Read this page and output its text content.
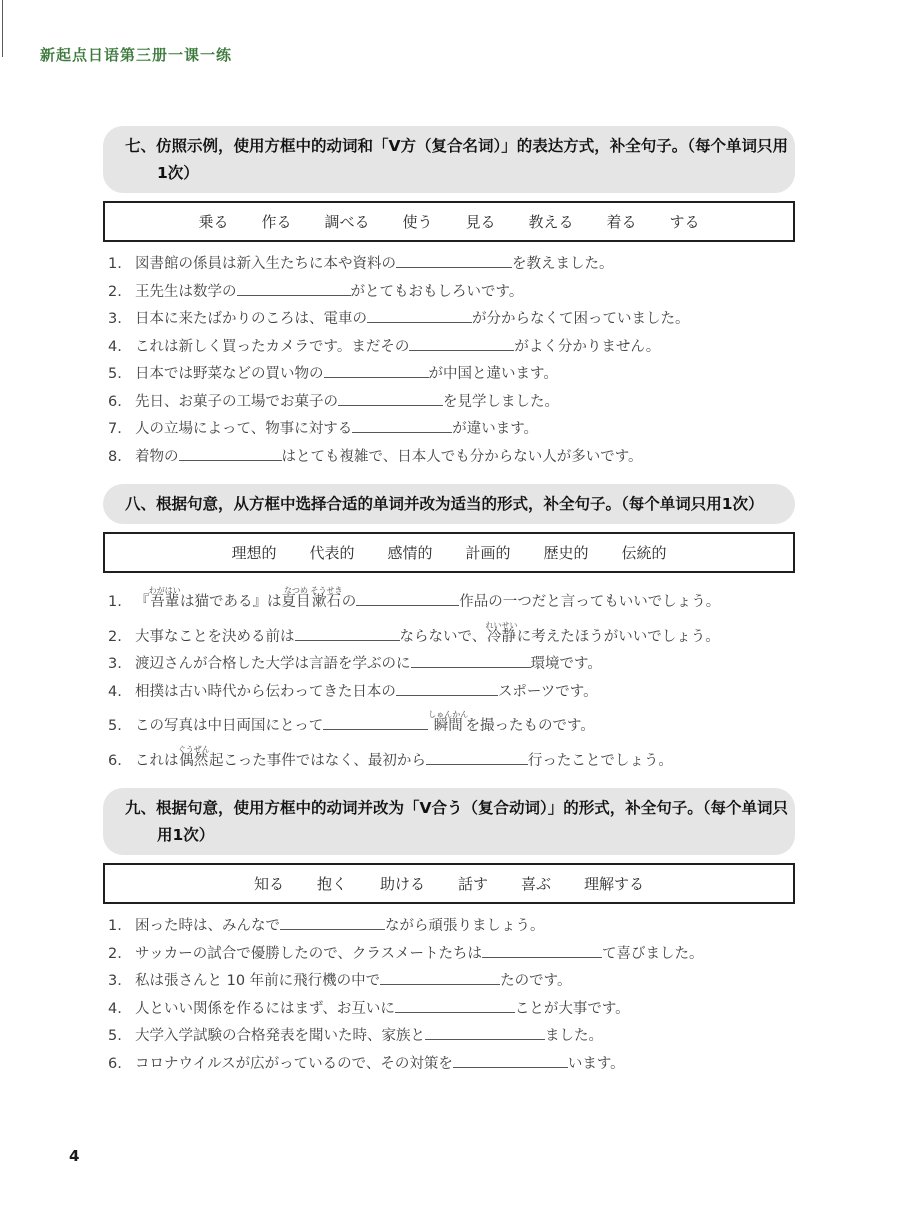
新起点日语第三册一课一练
七、仿照示例，使用方框中的动词和「V方（复合名词）」的表达方式，补全句子。（每个单词只用
1次）
乗る 作る 調べる 使う 見る 教える 着る する
1. 図書館の係員は新入生たちに本や資料の	を教えました。
2. 王先生は数学の	がとてもおもしろいです。
3. 日本に来たばかりのころは、電車の	が分からなくて困っていました。
4. これは新しく買ったカメラです。まだその	がよく分かりません。
5. 日本では野菜などの買い物の	が中国と違います。
6. 先日、お菓子の工場でお菓子の	を見学しました。
7. 人の立場によって、物事に対する	が違います。
8. 着物の	はとても複雑で、日本人でも分からない人が多いです。
八、根据句意，从方框中选择合适的单词并改为适当的形式，补全句子。（每个单词只用1次）
理想的 代表的 感情的 計画的 歴史的 伝統的
1. 『吾輩わがはいは猫である』は夏目なつめ漱石そうせきの	作品の一つだと言ってもいいでしょう。
2. 大事なことを決める前は	ならないで、冷静れいせいに考えたほうがいいでしょう。
3. 渡辺さんが合格した大学は言語を学ぶのに	環境です。
4. 相撲は古い時代から伝わってきた日本の	スポーツです。
5. この写真は中日両国にとって	瞬間しゅんかんを撮ったものです。
6. これは偶然ぐうぜん起こった事件ではなく、最初から	行ったことでしょう。
九、根据句意，使用方框中的动词并改为「V合う（复合动词）」的形式，补全句子。（每个单词只
用1次）
知る 抱く 助ける 話す 喜ぶ 理解する
1. 困った時は、みんなで	ながら頑張りましょう。
2. サッカーの試合で優勝したので、クラスメートたちは	て喜びました。
3. 私は張さんと 10 年前に飛行機の中で	たのです。
4. 人といい関係を作るにはまず、お互いに	ことが大事です。
5. 大学入学試験の合格発表を聞いた時、家族と	ました。
6. コロナウイルスが広がっているので、その対策を	います。
4
